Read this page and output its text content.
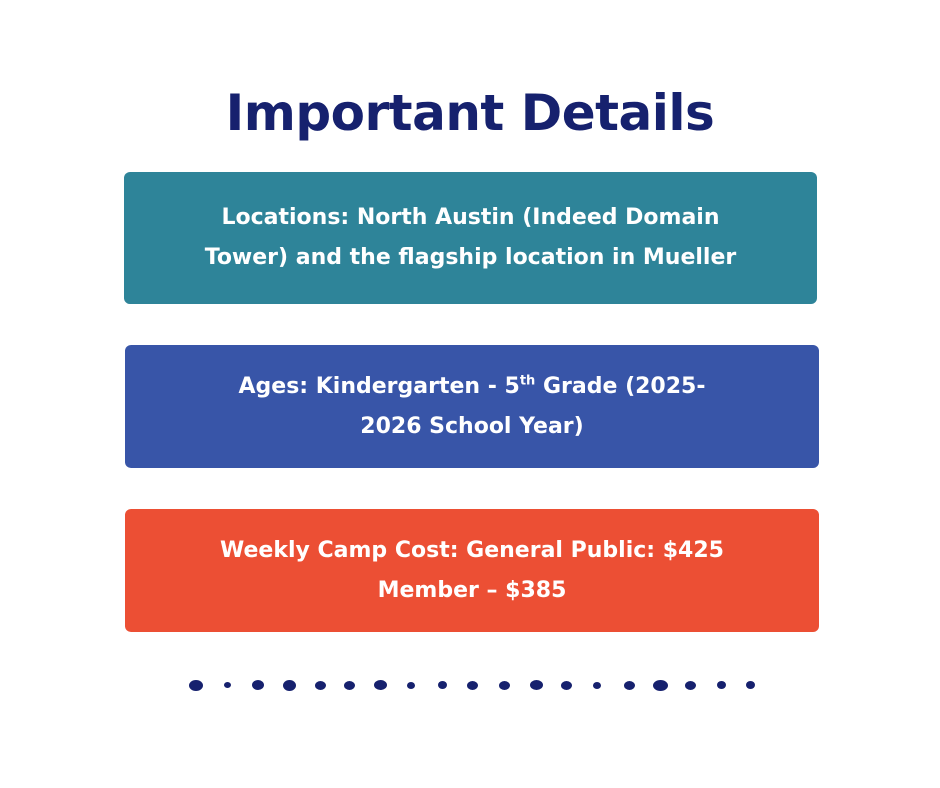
Important Details
Locations: North Austin (Indeed Domain
Tower) and the flagship location in Mueller
Ages: Kindergarten - 5th Grade (2025-
2026 School Year)
Weekly Camp Cost: General Public: $425
Member – $385
